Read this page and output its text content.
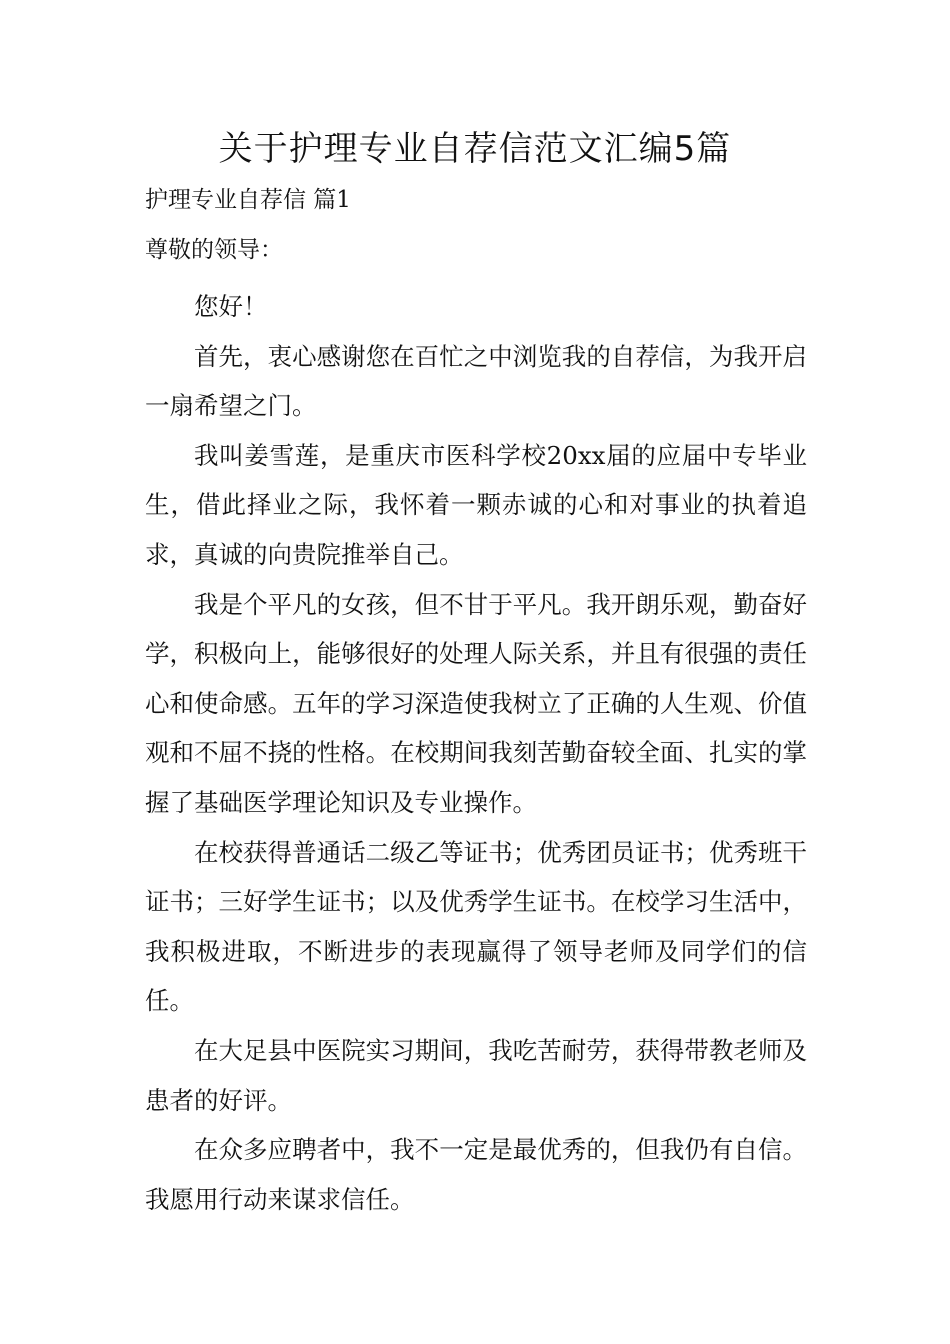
关于护理专业自荐信范文汇编5篇
护理专业自荐信 篇1
尊敬的领导：

您好！

首先，衷心感谢您在百忙之中浏览我的自荐信，为我开启一扇希望之门。

我叫姜雪莲，是重庆市医科学校20xx届的应届中专毕业生，借此择业之际，我怀着一颗赤诚的心和对事业的执着追求，真诚的向贵院推举自己。

我是个平凡的女孩，但不甘于平凡。我开朗乐观，勤奋好学，积极向上，能够很好的处理人际关系，并且有很强的责任心和使命感。五年的学习深造使我树立了正确的人生观、价值观和不屈不挠的性格。在校期间我刻苦勤奋较全面、扎实的掌握了基础医学理论知识及专业操作。

在校获得普通话二级乙等证书；优秀团员证书；优秀班干证书；三好学生证书；以及优秀学生证书。在校学习生活中，我积极进取，不断进步的表现赢得了领导老师及同学们的信任。

在大足县中医院实习期间，我吃苦耐劳，获得带教老师及患者的好评。

在众多应聘者中，我不一定是最优秀的，但我仍有自信。我愿用行动来谋求信任。
